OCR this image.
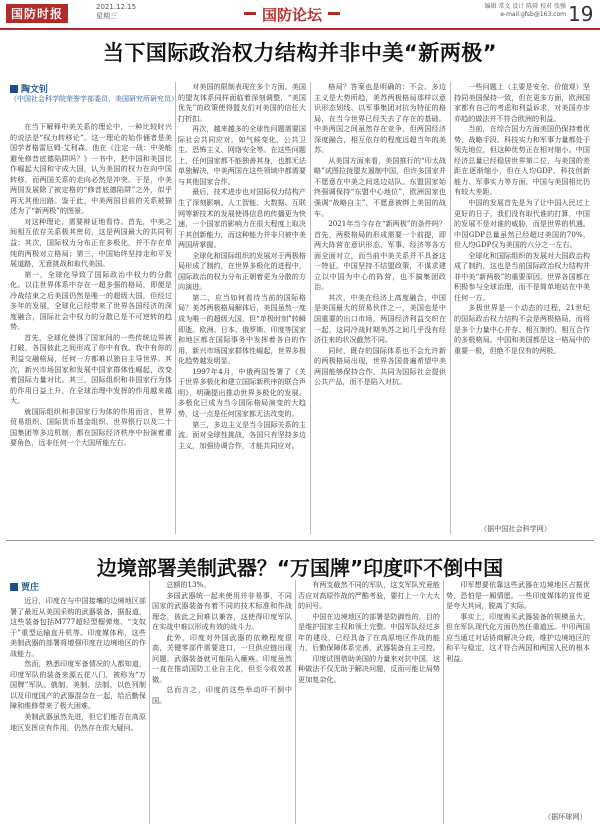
国防时报	2021.12.15
星期三	国防论坛	编辑 常文 设计 陈舜 校对 张强
e-mail:gfsb@163.com 19
当下国际政治权力结构并非中美“新两极”
陶文钊
（中国社会科学院荣誉学部委员、美国研究所研究员）

在当下解释中美关系的理论中，一种比较时兴的说法是“权力转移论”。这一理论的始作俑者是美国学者格雷厄姆·艾利森。他在《注定一战：中美能避免修昔底德陷阱吗？》一书中，把中国和美国比作崛起大国和守成大国，认为美国的权力在向中国转移，而两国关系的走向必然是冲突。于是，中美两国发展除了被定格的“修昔底德陷阱”之外，似乎再无其他出路。鉴于此，中美两国目前的关系被描述为了“新两极”的图景。

对这种理论，需要辩证地看待。首先，中美之间相互依存关系极其密切，这是两国最大的共同利益；其次，国际权力分布正在多极化，并不存在单纯的两极对立格局；第三，中国始终坚持走和平发展道路，无意挑战和取代美国。

第一，全球化导致了国际政治中权力的分散化。以往世界体系中存在一超多强的格局，即便是冷战结束之后美国仍然是唯一的超级大国，但经过多年的发展，全球化已经带来了世界各国经济的深度融合，国际社会中权力的分散已是不可逆转的趋势。

首先，全球化使得了国家间的一些传统边界被打破，各国彼此之间形成了你中有我、我中有你的利益交融格局，任何一方都难以独自主导世界。其次，新兴市场国家和发展中国家群体性崛起，改变着国际力量对比。其三，国际组织和非国家行为体的作用日益上升，在全球治理中发挥的作用越来越大。

就国际组织和非国家行为体的作用而言，世界贸易组织、国际货币基金组织、世界银行以及二十国集团等多边机制，都在国际经济秩序中扮演着重要角色，远非任何一个大国所能左右。

对美国的限制表现在多个方面。美国的盟友体系同样面临着深刻调整，“美国优先”的政策使得盟友们对美国的信任大打折扣。

再次，越来越多的全球性问题需要国际社会共同应对，如气候变化、公共卫生、恐怖主义、网络安全等。在这些问题上，任何国家都不能独善其身，也都无法单独解决，中美两国在这些领域中都需要与其他国家合作。

最后，技术进步也对国际权力结构产生了深刻影响。人工智能、大数据、互联网等新技术的发展使得信息的传播更为快速，一个国家的影响力在很大程度上取决于其创新能力，而这种能力并非只被中美两国所掌握。

全球化和国际组织的发展对于两极格局形成了制约，在世界多极化的进程中，国际政治的权力分布正朝着更为分散的方向演进。

第二，应当如何看待当前的国际格局？美苏两极格局解体后，美国虽然一度成为唯一的超级大国，但“单极时刻”转瞬即逝。欧洲、日本、俄罗斯、印度等国家和地区都在国际事务中发挥着各自的作用，新兴市场国家群体性崛起，世界多极化趋势越发明显。

1997年4月，中俄两国签署了《关于世界多极化和建立国际新秩序的联合声明》，明确提出推动世界多极化的发展。多极化已成为当今国际格局演变的大趋势，这一点是任何国家都无法改变的。

第三，多边主义是当今国际关系的主流。面对全球性挑战，各国只有坚持多边主义，加强协调合作，才能共同应对。

格局？答案也是明确的：不会。多边主义是大势所趋，美苏两极格局那样以意识形态划线、以军事集团对抗为特征的格局，在当今世界已经失去了存在的基础。中美两国之间虽然存在竞争，但两国经济深度融合，相互依存的程度远超当年的美苏。

从美国方面来看，美国推行的“印太战略”试图拉拢盟友遏制中国，但许多国家并不愿意在中美之间选边站队。东盟国家始终强调保持“东盟中心地位”，欧洲国家也强调“战略自主”，不愿意被绑上美国的战车。

2021年当今存在“新两极”的条件吗？首先，两极格局的形成需要一个前提，即两大阵营在意识形态、军事、经济等各方面全面对立，而当前中美关系并不具备这一特征。中国坚持不结盟政策，不谋求建立以中国为中心的阵营，也不搞集团政治。

其次，中美在经济上高度融合，中国是美国最大的贸易伙伴之一，美国也是中国重要的出口市场，两国经济利益交织在一起，这同冷战时期美苏之间几乎没有经济往来的状况截然不同。

同时，既存的国际体系也不会允许新的两极格局出现，世界各国普遍希望中美两国能够保持合作，共同为国际社会提供公共产品，而不是陷入对抗。

一些问题上（主要是安全、价值观）坚持同美国保持一致，但在更多方面，欧洲国家都有自己的考虑和利益诉求，对美国亦步亦趋的做法并不符合欧洲的利益。

当前，在综合国力方面美国仍保持着优势，战略手段、科技实力和军事力量都处于领先地位，但这种优势正在相对缩小。中国经济总量已经稳居世界第二位，与美国的差距在逐渐缩小，但在人均GDP、科技创新能力、军事实力等方面，中国与美国相比仍有较大差距。

中国的发展首先是为了让中国人民过上更好的日子，我们没有取代谁的打算，中国的发展不是对谁的威胁，而是世界的机遇。中国GDP总量虽然已经超过美国的70%，但人均GDP仅为美国的六分之一左右。

全球化和国际组织的发展对大国政治构成了制约，这也是当前国际政治权力结构并非中美“新两极”的重要原因。世界各国都在积极参与全球治理，而不是简单地站在中美任何一方。

多极世界是一个动态的过程，21世纪的国际政治权力结构不会是两极格局，而将是多个力量中心并存、相互制约、相互合作的多极格局。中国和美国都是这一格局中的重要一极，但绝不是仅有的两极。

（据中国社会科学网）
边境部署美制武器？“万国牌”印度吓不倒中国
贾庄

近日，印度在与中国接壤的边境地区部署了最近从美国采购的武器装备，据报道，这些装备包括M777超轻型榴弹炮、“支奴干”重型运输直升机等。印度媒体称，这些美制武器的部署将增强印度在边境地区的作战能力。

然而，熟悉印度军备情况的人都知道，印度军队的装备来源五花八门，被称为“万国牌”军队。俄制、美制、法制、以色列制以及印度国产的武器混杂在一起，给后勤保障和维修带来了极大困难。

美制武器虽然先进，但它们能否在高原地区发挥应有作用，仍然存在很大疑问。

总额的13%。

多国武器统一起来使用并非易事，不同国家的武器装备有着不同的技术标准和作战理念，彼此之间难以兼容，这使得印度军队在实战中难以形成有效的战斗力。

此外，印度对外国武器的依赖程度很高，关键零部件需要进口，一旦供应链出现问题，武器装备就可能陷入瘫痪。印度虽然一直在推动国防工业自主化，但至今收效甚微。

总而言之，印度的这些举动吓不倒中国。

有两支截然不同的军队，这支军队究竟能否应对高原作战的严酷考验，要打上一个大大的问号。

中国在边境地区的部署是防御性的，目的是维护国家主权和领土完整。中国军队经过多年的建设，已经具备了在高原地区作战的能力，后勤保障体系完善，武器装备自主可控。

印度试图借助美国的力量来对抗中国，这种做法不仅无助于解决问题，反而可能让局势更加复杂化。

印军想要依靠这些武器在边境地区占据优势，恐怕是一厢情愿。一些印度媒体的宣传更是夸大其词，脱离了实际。

事实上，印度购买武器装备的规模虽大，但在军队现代化方面仍然任重道远。中印两国应当通过对话协商解决分歧，维护边境地区的和平与稳定，这才符合两国和两国人民的根本利益。

（据环球网）
